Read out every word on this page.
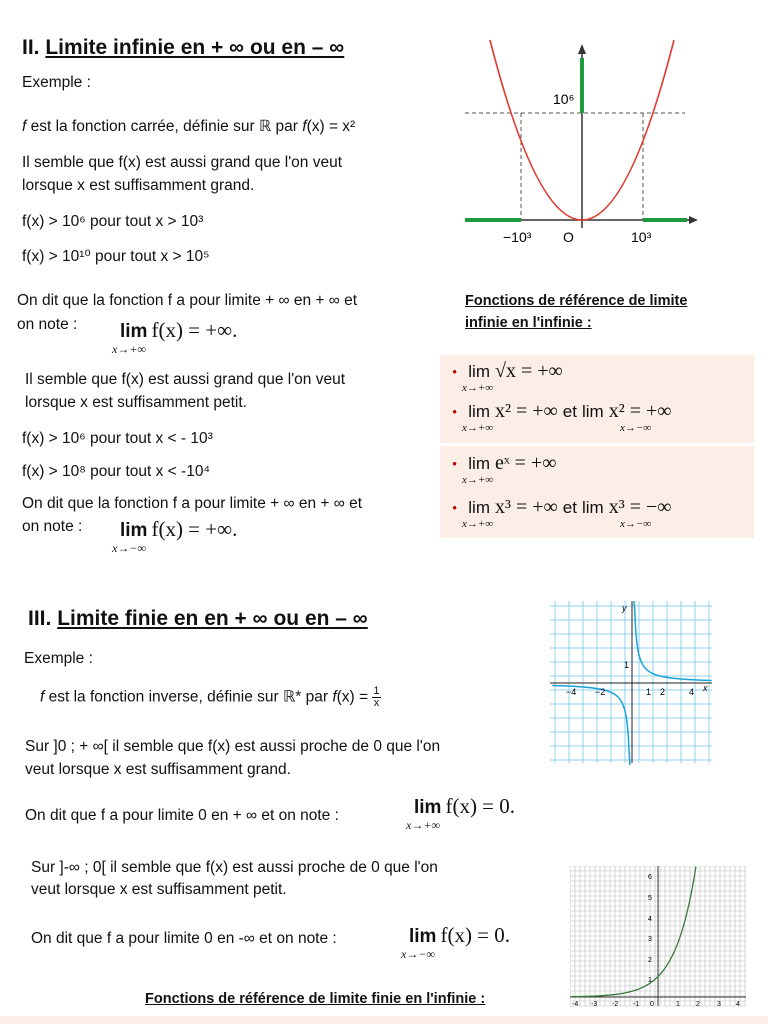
II. Limite infinie en + ∞ ou en – ∞
Exemple :
f est la fonction carrée, définie sur ℝ par f(x) = x²
Il semble que f(x) est aussi grand que l'on veut
lorsque x est suffisamment grand.
f(x) > 10⁶ pour tout x > 10³
f(x) > 10¹⁰ pour tout x > 10⁵
On dit que la fonction f a pour limite + ∞ en + ∞ et
on note : lim f(x) = +∞.
x→+∞
Il semble que f(x) est aussi grand que l'on veut
lorsque x est suffisamment petit.
f(x) > 10⁶ pour tout x < - 10³
f(x) > 10⁸ pour tout x < -10⁴
On dit que la fonction f a pour limite + ∞ en + ∞ et
on note : lim f(x) = +∞.
x→−∞
10⁶
−10³ O	10³
Fonctions de référence de limite
infinie en l'infinie :
• lim √x = +∞
x→+∞
• lim x² = +∞ et lim x² = +∞
x→+∞	x→−∞
• lim eˣ = +∞
x→+∞
• lim x³ = +∞ et lim x³ = −∞
x→+∞	x→−∞
III. Limite finie en en + ∞ ou en – ∞
Exemple :
f est la fonction inverse, définie sur ℝ* par $f(x) = \frac{1}{x}$
Sur ]0 ; + ∞[ il semble que f(x) est aussi proche de 0 que l'on
veut lorsque x est suffisamment grand.
On dit que f a pour limite 0 en + ∞ et on note :	lim f(x) = 0.
x→+∞
Sur ]-∞ ; 0[ il semble que f(x) est aussi proche de 0 que l'on
veut lorsque x est suffisamment petit.
On dit que f a pour limite 0 en -∞ et on note :	lim f(x) = 0.
x→−∞
Fonctions de référence de limite finie en l'infinie :
y
1
−4 −2	1 2	4 x
6
5
4
3
2
1
-4 -3 -2 -1 0	1 2 3 4
